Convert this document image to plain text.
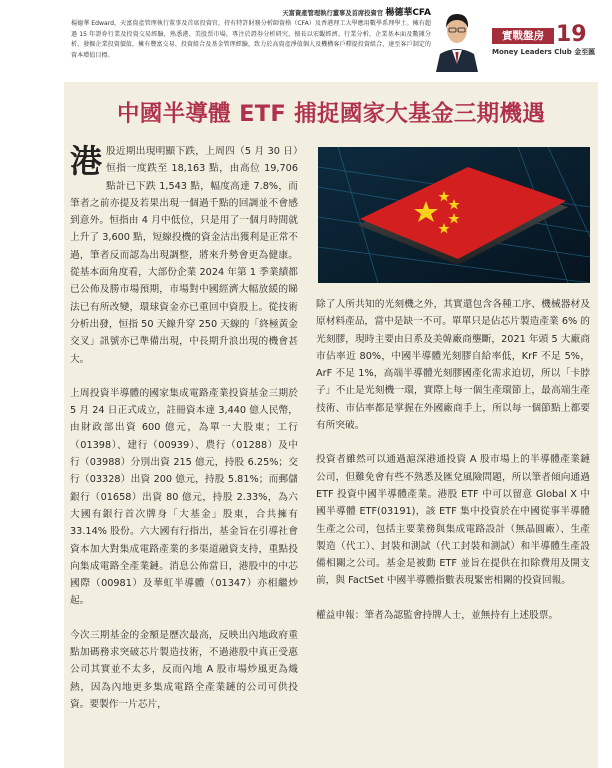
天富資產管理執行董事及首席投資官 楊德華CFA
楊德華 Edward，天富資產管理執行董事及首席投資官，持有特許財務分析師資格（CFA）及香港理工大學應用數學系理學士。擁有超過 15 年證券行業及投資交易經驗，熟悉港、美股票市場，專注於證券分析研究，擅長以宏觀經濟、行業分析、企業基本面及數據分析，發掘企業投資價值，擁有豐富交易、投資組合及基金管理經驗，致力於高資產淨值個人及機構客戶釋提投資組合，達至客戶制定的資本增值目標。
實戰盤房 19
Money Leaders Club 金至匯
中國半導體 ETF 捕捉國家大基金三期機遇

港股近期出現明顯下跌，上周四（5 月 30 日）恒指一度跌至 18,163 點，由高位 19,706 點計已下跌 1,543 點，幅度高達 7.8%，而筆者之前亦提及若果出現一個過千點的回調並不會感到意外。恒指由 4 月中低位，只是用了一個月時間就上升了 3,600 點，短線投機的資金沽出獲利是正常不過，筆者反而認為出現調整，將來升勢會更為健康。從基本面角度看，大部份企業 2024 年第 1 季業績都已公佈及勝市場預期，市場對中國經濟大幅放緩的睇法已有所改變，環球資金亦已重回中資股上。從技術分析出發，恒指 50 天線升穿 250 天線的「終極黃金交叉」訊號亦已準備出現，中長期升浪出現的機會甚大。

上周投資半導體的國家集成電路產業投資基金三期於 5 月 24 日正式成立，註冊資本達 3,440 億人民幣，由財政部出資 600 億元，為單一大股東；工行（01398）、建行（00939）、農行（01288）及中行（03988）分別出資 215 億元，持股 6.25%；交行（03328）出資 200 億元，持股 5.81%；而郵儲銀行（01658）出資 80 億元，持股 2.33%，為六大國有銀行首次牌身「大基金」股東，合共擁有 33.14% 股份。六大國有行指出，基金旨在引導社會資本加大對集成電路產業的多渠道融資支持，重點投向集成電路全產業鏈。消息公佈當日，港股中的中芯國際（00981）及華虹半導體（01347）亦相繼炒起。

今次三期基金的金額是歷次最高，反映出內地政府重點加碼務求突破芯片製造技術，不過港股中真正受惠公司其實並不太多，反而內地 A 股市場炒風更為熾熱，因為內地更多集成電路全產業鏈的公司可供投資。要製作一片芯片，

除了人所共知的光刻機之外，其實還包含各種工序、機械器材及原材料產品，當中是缺一不可。單單只是佔芯片製造產業 6% 的光刻膠，現時主要由日系及美韓廠商壟斷，2021 年頭 5 大廠商市佔率近 80%，中國半導體光刻膠自給率低，KrF 不足 5%，ArF 不足 1%，高端半導體光刻膠國產化需求迫切，所以「卡脖子」不止是光刻機一環，實際上每一個生產環節上，最高端生產技術、市佔率都是掌握在外國廠商手上，所以每一個節點上都要有所突破。

投資者雖然可以通過滬深港通投資 A 股市場上的半導體產業鏈公司，但難免會有些不熟悉及匯兌風險問題，所以筆者傾向通過 ETF 投資中國半導體產業。港股 ETF 中可以留意 Global X 中國半導體 ETF(03191)，該 ETF 集中投資於在中國從事半導體生產之公司，包括主要業務與集成電路設計（無晶圓廠）、生產製造（代工）、封裝和測試（代工封裝和測試）和半導體生產設備相關之公司。基金是被動 ETF 並旨在提供在扣除費用及開支前，與 FactSet 中國半導體指數表現緊密相關的投資回報。

權益申報：筆者為認監會持牌人士，並無持有上述股票。
